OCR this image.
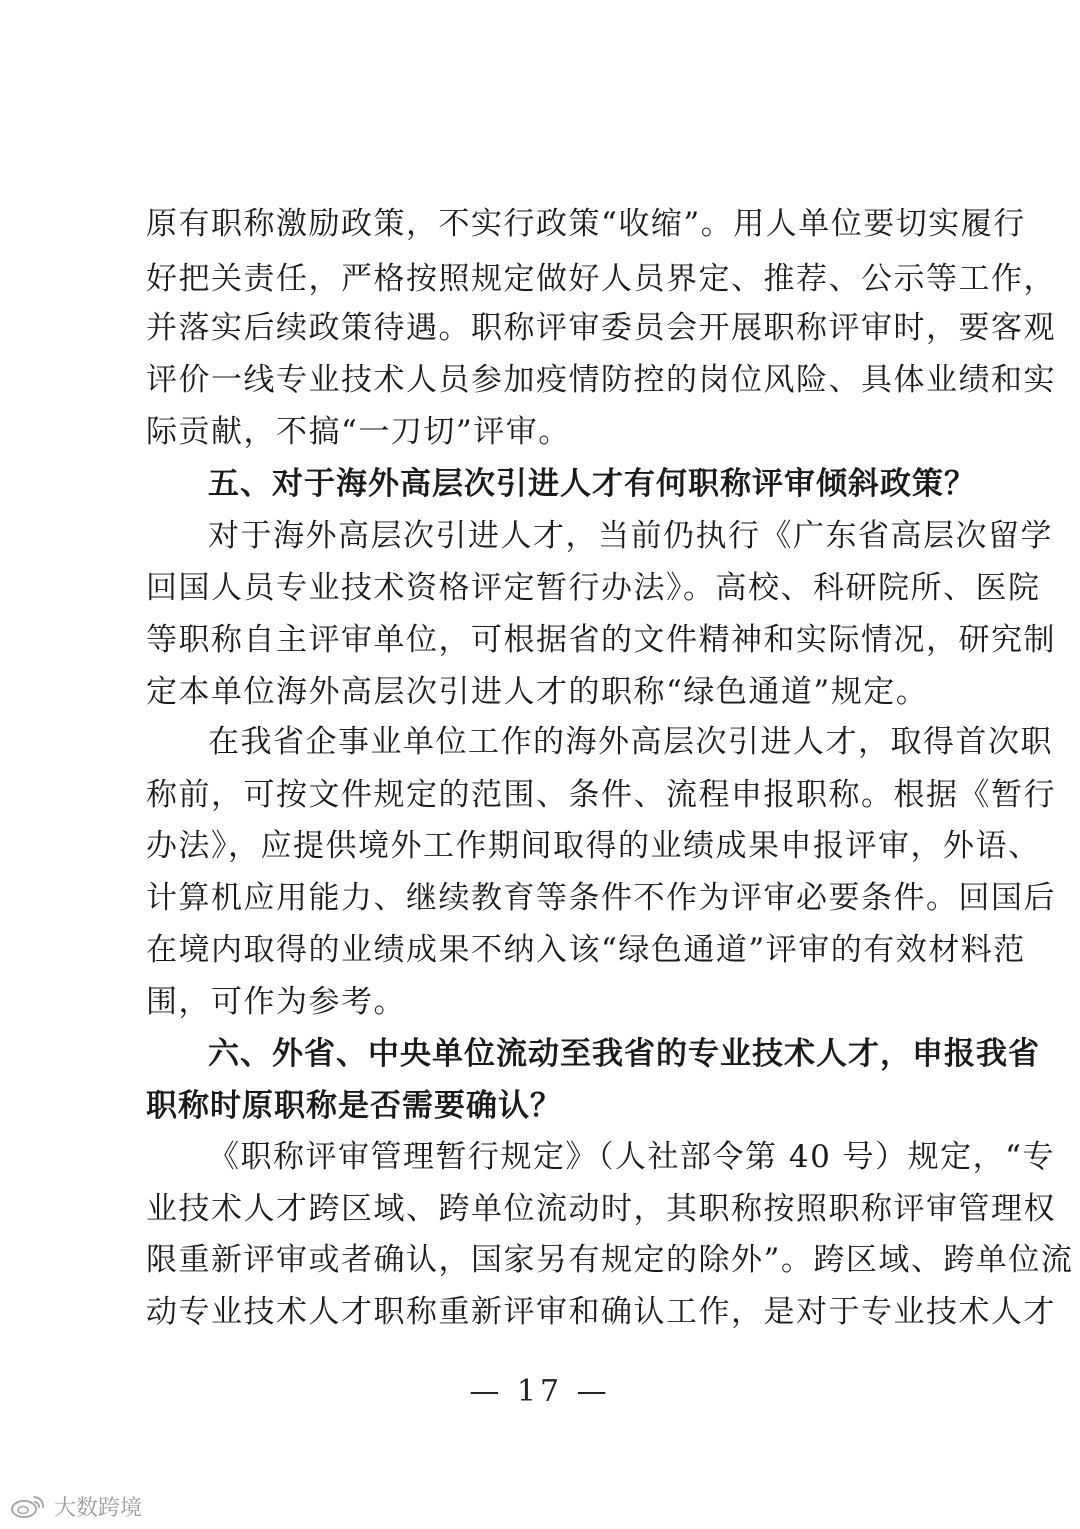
原有职称激励政策，不实行政策“收缩”。用人单位要切实履行
好把关责任，严格按照规定做好人员界定、推荐、公示等工作，
并落实后续政策待遇。职称评审委员会开展职称评审时，要客观
评价一线专业技术人员参加疫情防控的岗位风险、具体业绩和实
际贡献，不搞“一刀切”评审。
五、对于海外高层次引进人才有何职称评审倾斜政策？
对于海外高层次引进人才，当前仍执行《广东省高层次留学
回国人员专业技术资格评定暂行办法》。高校、科研院所、医院
等职称自主评审单位，可根据省的文件精神和实际情况，研究制
定本单位海外高层次引进人才的职称“绿色通道”规定。
在我省企事业单位工作的海外高层次引进人才，取得首次职
称前，可按文件规定的范围、条件、流程申报职称。根据《暂行
办法》，应提供境外工作期间取得的业绩成果申报评审，外语、
计算机应用能力、继续教育等条件不作为评审必要条件。回国后
在境内取得的业绩成果不纳入该“绿色通道”评审的有效材料范
围，可作为参考。
六、外省、中央单位流动至我省的专业技术人才，申报我省
职称时原职称是否需要确认？
《职称评审管理暂行规定》（人社部令第 40 号）规定，“专
业技术人才跨区域、跨单位流动时，其职称按照职称评审管理权
限重新评审或者确认，国家另有规定的除外”。跨区域、跨单位流
动专业技术人才职称重新评审和确认工作，是对于专业技术人才
— 17 —
大数跨境
